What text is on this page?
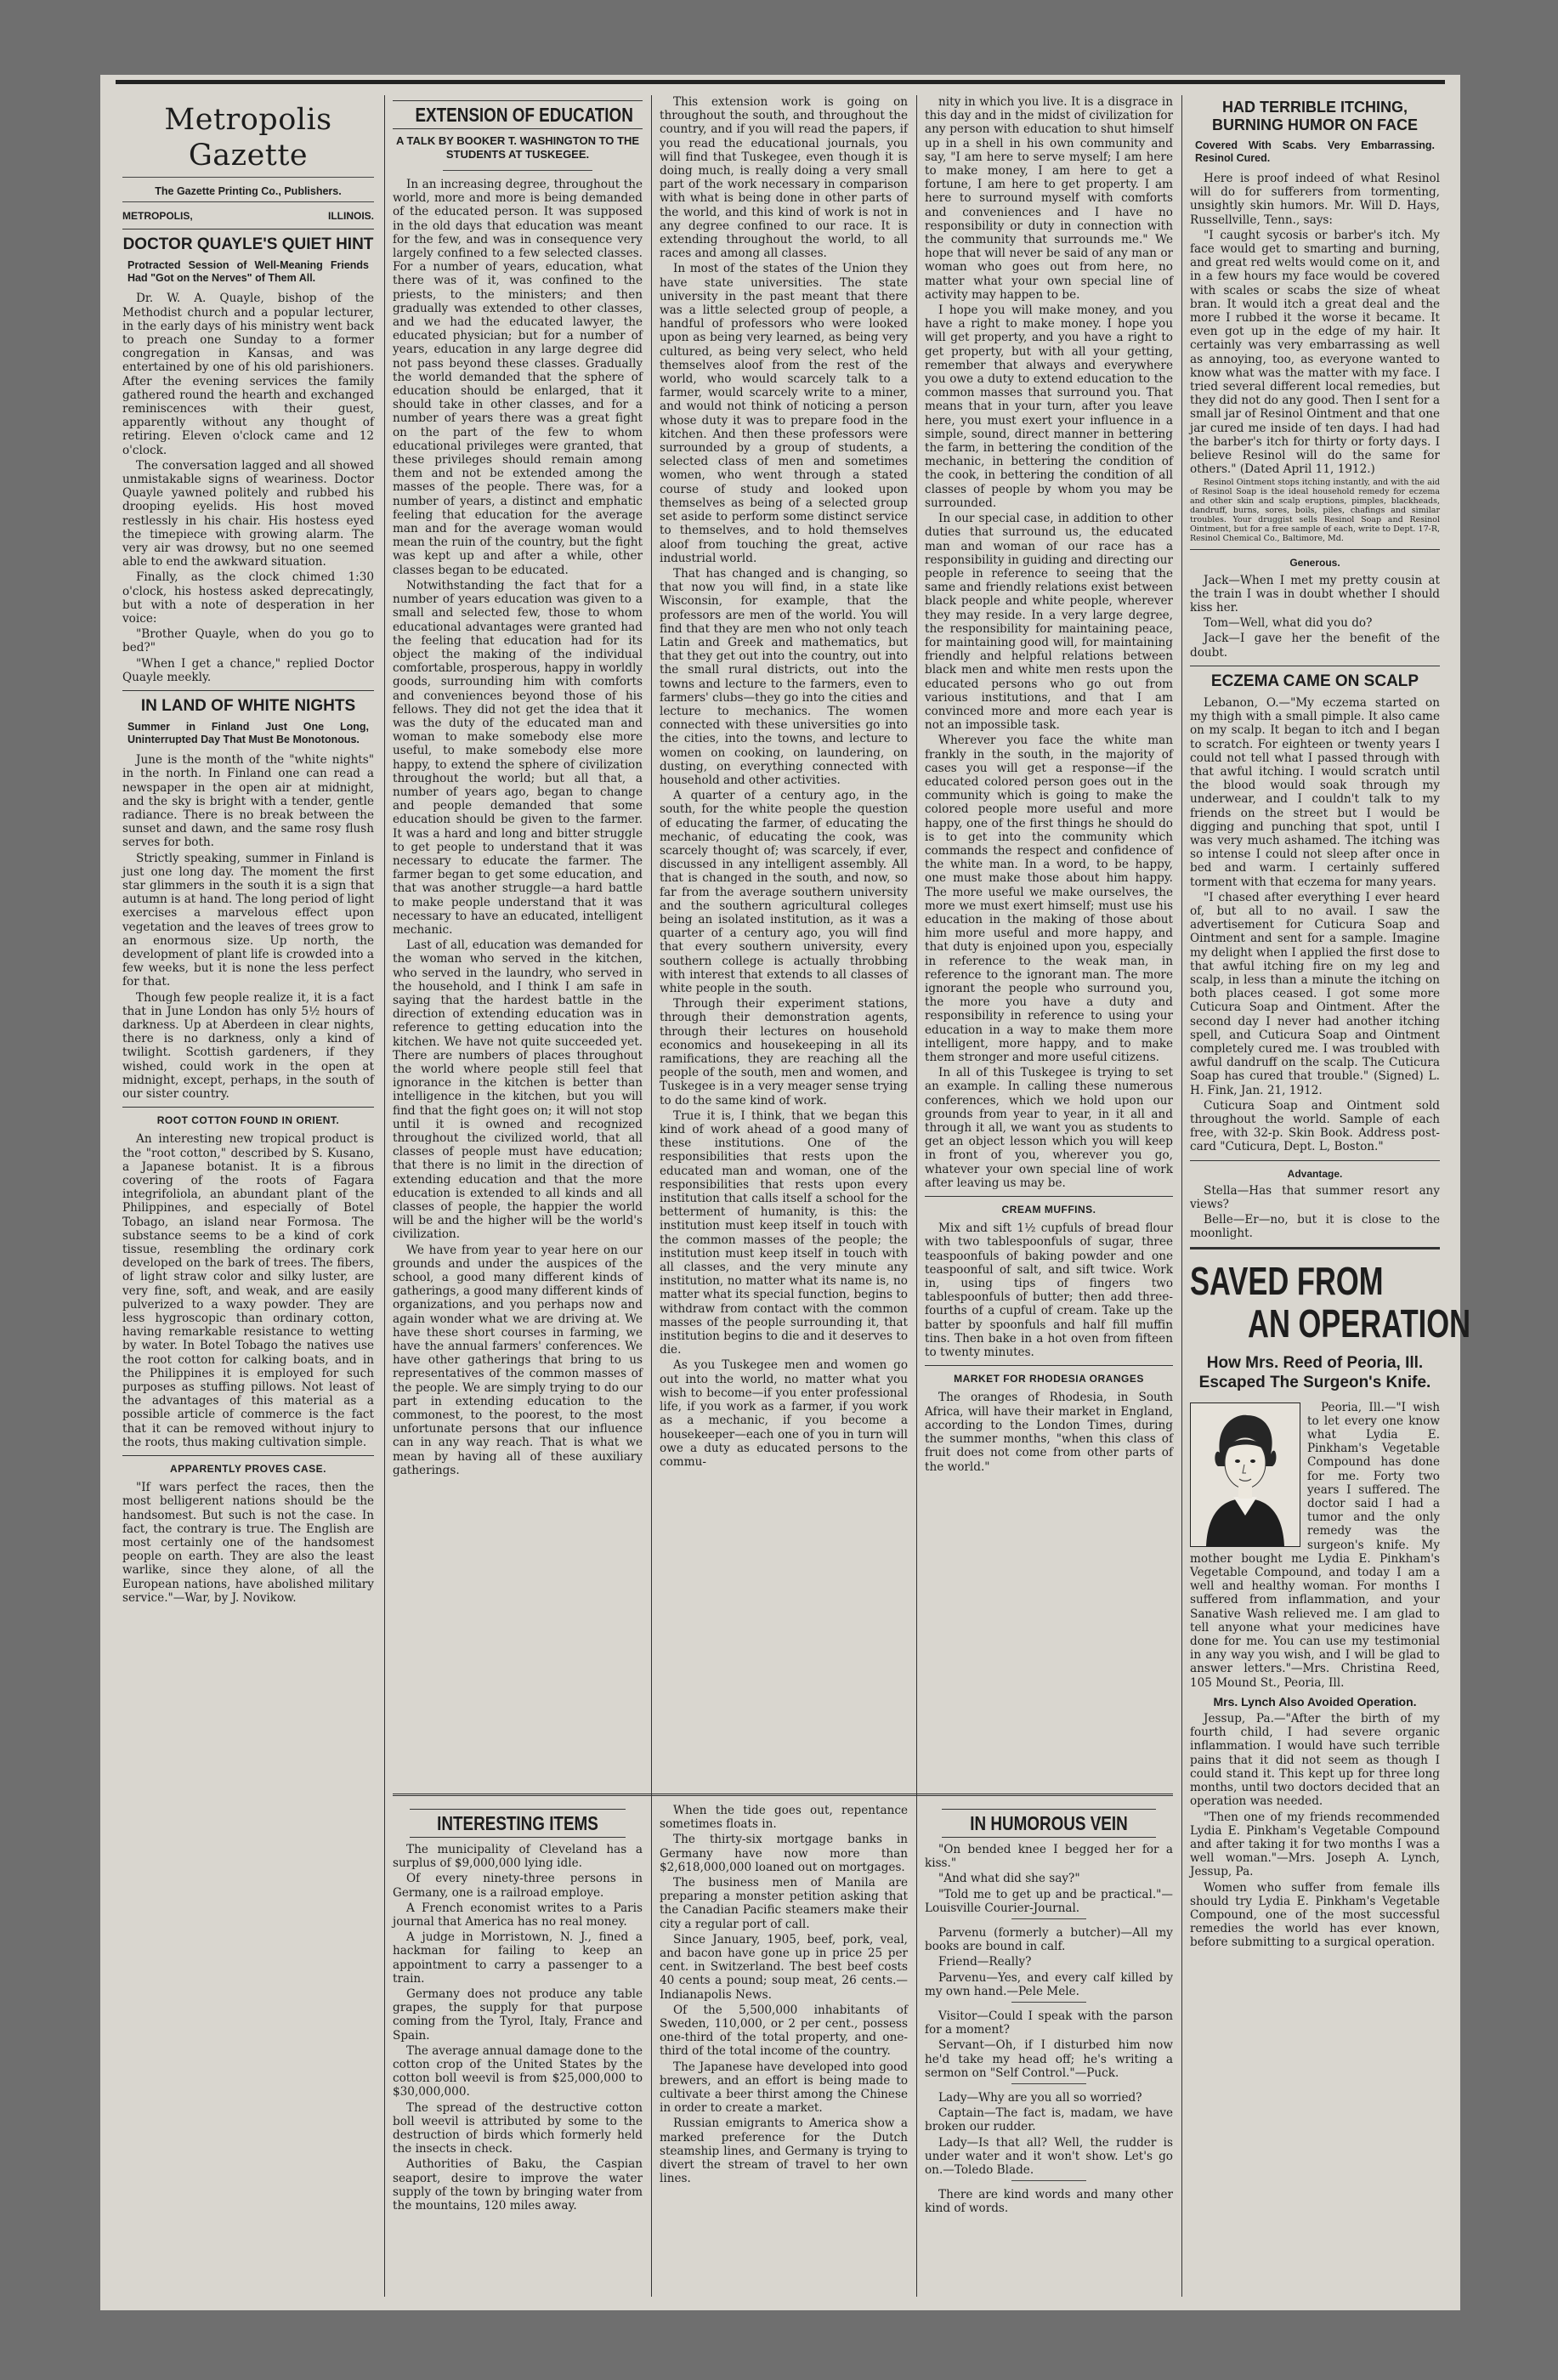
Metropolis Gazette
The Gazette Printing Co., Publishers.
METROPOLIS,	ILLINOIS.
DOCTOR QUAYLE'S QUIET HINT
Protracted Session of Well-Meaning Friends Had "Got on the Nerves" of Them All.

Dr. W. A. Quayle, bishop of the Methodist church and a popular lecturer, in the early days of his ministry went back to preach one Sunday to a former congregation in Kansas, and was entertained by one of his old parishioners. After the evening services the family gathered round the hearth and exchanged reminiscences with their guest, apparently without any thought of retiring. Eleven o'clock came and 12 o'clock.

The conversation lagged and all showed unmistakable signs of weariness. Doctor Quayle yawned politely and rubbed his drooping eyelids. His host moved restlessly in his chair. His hostess eyed the timepiece with growing alarm. The very air was drowsy, but no one seemed able to end the awkward situation.

Finally, as the clock chimed 1:30 o'clock, his hostess asked deprecatingly, but with a note of desperation in her voice:

"Brother Quayle, when do you go to bed?"

"When I get a chance," replied Doctor Quayle meekly.

IN LAND OF WHITE NIGHTS
Summer in Finland Just One Long, Uninterrupted Day That Must Be Monotonous.

June is the month of the "white nights" in the north. In Finland one can read a newspaper in the open air at midnight, and the sky is bright with a tender, gentle radiance. There is no break between the sunset and dawn, and the same rosy flush serves for both.

Strictly speaking, summer in Finland is just one long day. The moment the first star glimmers in the south it is a sign that autumn is at hand. The long period of light exercises a marvelous effect upon vegetation and the leaves of trees grow to an enormous size. Up north, the development of plant life is crowded into a few weeks, but it is none the less perfect for that.

Though few people realize it, it is a fact that in June London has only 5½ hours of darkness. Up at Aberdeen in clear nights, there is no darkness, only a kind of twilight. Scottish gardeners, if they wished, could work in the open at midnight, except, perhaps, in the south of our sister country.

ROOT COTTON FOUND IN ORIENT.

An interesting new tropical product is the "root cotton," described by S. Kusano, a Japanese botanist. It is a fibrous covering of the roots of Fagara integrifoliola, an abundant plant of the Philippines, and especially of Botel Tobago, an island near Formosa. The substance seems to be a kind of cork tissue, resembling the ordinary cork developed on the bark of trees. The fibers, of light straw color and silky luster, are very fine, soft, and weak, and are easily pulverized to a waxy powder. They are less hygroscopic than ordinary cotton, having remarkable resistance to wetting by water. In Botel Tobago the natives use the root cotton for calking boats, and in the Philippines it is employed for such purposes as stuffing pillows. Not least of the advantages of this material as a possible article of commerce is the fact that it can be removed without injury to the roots, thus making cultivation simple.

APPARENTLY PROVES CASE.

"If wars perfect the races, then the most belligerent nations should be the handsomest. But such is not the case. In fact, the contrary is true. The English are most certainly one of the handsomest people on earth. They are also the least warlike, since they alone, of all the European nations, have abolished military service."—War, by J. Novikow.

EXTENSION OF EDUCATION
A TALK BY BOOKER T. WASHINGTON TO THE STUDENTS AT TUSKEGEE.

In an increasing degree, throughout the world, more and more is being demanded of the educated person. It was supposed in the old days that education was meant for the few, and was in consequence very largely confined to a few selected classes. For a number of years, education, what there was of it, was confined to the priests, to the ministers; and then gradually was extended to other classes, and we had the educated lawyer, the educated physician; but for a number of years, education in any large degree did not pass beyond these classes. Gradually the world demanded that the sphere of education should be enlarged, that it should take in other classes, and for a number of years there was a great fight on the part of the few to whom educational privileges were granted, that these privileges should remain among them and not be extended among the masses of the people. There was, for a number of years, a distinct and emphatic feeling that education for the average man and for the average woman would mean the ruin of the country, but the fight was kept up and after a while, other classes began to be educated.

Notwithstanding the fact that for a number of years education was given to a small and selected few, those to whom educational advantages were granted had the feeling that education had for its object the making of the individual comfortable, prosperous, happy in worldly goods, surrounding him with comforts and conveniences beyond those of his fellows. They did not get the idea that it was the duty of the educated man and woman to make somebody else more useful, to make somebody else more happy, to extend the sphere of civilization throughout the world; but all that, a number of years ago, began to change and people demanded that some education should be given to the farmer. It was a hard and long and bitter struggle to get people to understand that it was necessary to educate the farmer. The farmer began to get some education, and that was another struggle—a hard battle to make people understand that it was necessary to have an educated, intelligent mechanic.

Last of all, education was demanded for the woman who served in the kitchen, who served in the laundry, who served in the household, and I think I am safe in saying that the hardest battle in the direction of extending education was in reference to getting education into the kitchen. We have not quite succeeded yet. There are numbers of places throughout the world where people still feel that ignorance in the kitchen is better than intelligence in the kitchen, but you will find that the fight goes on; it will not stop until it is owned and recognized throughout the civilized world, that all classes of people must have education; that there is no limit in the direction of extending education and that the more education is extended to all kinds and all classes of people, the happier the world will be and the higher will be the world's civilization.

We have from year to year here on our grounds and under the auspices of the school, a good many different kinds of gatherings, a good many different kinds of organizations, and you perhaps now and again wonder what we are driving at. We have these short courses in farming, we have the annual farmers' conferences. We have other gatherings that bring to us representatives of the common masses of the people. We are simply trying to do our part in extending education to the commonest, to the poorest, to the most unfortunate persons that our influence can in any way reach. That is what we mean by having all of these auxiliary gatherings.

This extension work is going on throughout the south, and throughout the country, and if you will read the papers, if you read the educational journals, you will find that Tuskegee, even though it is doing much, is really doing a very small part of the work necessary in comparison with what is being done in other parts of the world, and this kind of work is not in any degree confined to our race. It is extending throughout the world, to all races and among all classes.

In most of the states of the Union they have state universities. The state university in the past meant that there was a little selected group of people, a handful of professors who were looked upon as being very learned, as being very cultured, as being very select, who held themselves aloof from the rest of the world, who would scarcely talk to a farmer, would scarcely write to a miner, and would not think of noticing a person whose duty it was to prepare food in the kitchen. And then these professors were surrounded by a group of students, a selected class of men and sometimes women, who went through a stated course of study and looked upon themselves as being of a selected group set aside to perform some distinct service to themselves, and to hold themselves aloof from touching the great, active industrial world.

That has changed and is changing, so that now you will find, in a state like Wisconsin, for example, that the professors are men of the world. You will find that they are men who not only teach Latin and Greek and mathematics, but that they get out into the country, out into the small rural districts, out into the towns and lecture to the farmers, even to farmers' clubs—they go into the cities and lecture to mechanics. The women connected with these universities go into the cities, into the towns, and lecture to women on cooking, on laundering, on dusting, on everything connected with household and other activities.

A quarter of a century ago, in the south, for the white people the question of educating the farmer, of educating the mechanic, of educating the cook, was scarcely thought of; was scarcely, if ever, discussed in any intelligent assembly. All that is changed in the south, and now, so far from the average southern university and the southern agricultural colleges being an isolated institution, as it was a quarter of a century ago, you will find that every southern university, every southern college is actually throbbing with interest that extends to all classes of white people in the south.

Through their experiment stations, through their demonstration agents, through their lectures on household economics and housekeeping in all its ramifications, they are reaching all the people of the south, men and women, and Tuskegee is in a very meager sense trying to do the same kind of work.

True it is, I think, that we began this kind of work ahead of a good many of these institutions. One of the responsibilities that rests upon the educated man and woman, one of the responsibilities that rests upon every institution that calls itself a school for the betterment of humanity, is this: the institution must keep itself in touch with the common masses of the people; the institution must keep itself in touch with all classes, and the very minute any institution, no matter what its name is, no matter what its special function, begins to withdraw from contact with the common masses of the people surrounding it, that institution begins to die and it deserves to die.

As you Tuskegee men and women go out into the world, no matter what you wish to become—if you enter professional life, if you work as a farmer, if you work as a mechanic, if you become a housekeeper—each one of you in turn will owe a duty as educated persons to the commu-

nity in which you live. It is a disgrace in this day and in the midst of civilization for any person with education to shut himself up in a shell in his own community and say, "I am here to serve myself; I am here to make money, I am here to get a fortune, I am here to get property. I am here to surround myself with comforts and conveniences and I have no responsibility or duty in connection with the community that surrounds me." We hope that will never be said of any man or woman who goes out from here, no matter what your own special line of activity may happen to be.

I hope you will make money, and you have a right to make money. I hope you will get property, and you have a right to get property, but with all your getting, remember that always and everywhere you owe a duty to extend education to the common masses that surround you. That means that in your turn, after you leave here, you must exert your influence in a simple, sound, direct manner in bettering the farm, in bettering the condition of the mechanic, in bettering the condition of the cook, in bettering the condition of all classes of people by whom you may be surrounded.

In our special case, in addition to other duties that surround us, the educated man and woman of our race has a responsibility in guiding and directing our people in reference to seeing that the same and friendly relations exist between black people and white people, wherever they may reside. In a very large degree, the responsibility for maintaining peace, for maintaining good will, for maintaining friendly and helpful relations between black men and white men rests upon the educated persons who go out from various institutions, and that I am convinced more and more each year is not an impossible task.

Wherever you face the white man frankly in the south, in the majority of cases you will get a response—if the educated colored person goes out in the community which is going to make the colored people more useful and more happy, one of the first things he should do is to get into the community which commands the respect and confidence of the white man. In a word, to be happy, one must make those about him happy. The more useful we make ourselves, the more we must exert himself; must use his education in the making of those about him more useful and more happy, and that duty is enjoined upon you, especially in reference to the weak man, in reference to the ignorant man. The more ignorant the people who surround you, the more you have a duty and responsibility in reference to using your education in a way to make them more intelligent, more happy, and to make them stronger and more useful citizens.

In all of this Tuskegee is trying to set an example. In calling these numerous conferences, which we hold upon our grounds from year to year, in it all and through it all, we want you as students to get an object lesson which you will keep in front of you, wherever you go, whatever your own special line of work after leaving us may be.

CREAM MUFFINS.

Mix and sift 1½ cupfuls of bread flour with two tablespoonfuls of sugar, three teaspoonfuls of baking powder and one teaspoonful of salt, and sift twice. Work in, using tips of fingers two tablespoonfuls of butter; then add three-fourths of a cupful of cream. Take up the batter by spoonfuls and half fill muffin tins. Then bake in a hot oven from fifteen to twenty minutes.

MARKET FOR RHODESIA ORANGES

The oranges of Rhodesia, in South Africa, will have their market in England, according to the London Times, during the summer months, "when this class of fruit does not come from other parts of the world."

INTERESTING ITEMS

The municipality of Cleveland has a surplus of $9,000,000 lying idle.

Of every ninety-three persons in Germany, one is a railroad employe.

A French economist writes to a Paris journal that America has no real money.

A judge in Morristown, N. J., fined a hackman for failing to keep an appointment to carry a passenger to a train.

Germany does not produce any table grapes, the supply for that purpose coming from the Tyrol, Italy, France and Spain.

The average annual damage done to the cotton crop of the United States by the cotton boll weevil is from $25,000,000 to $30,000,000.

The spread of the destructive cotton boll weevil is attributed by some to the destruction of birds which formerly held the insects in check.

Authorities of Baku, the Caspian seaport, desire to improve the water supply of the town by bringing water from the mountains, 120 miles away.

When the tide goes out, repentance sometimes floats in.

The thirty-six mortgage banks in Germany have now more than $2,618,000,000 loaned out on mortgages.

The business men of Manila are preparing a monster petition asking that the Canadian Pacific steamers make their city a regular port of call.

Since January, 1905, beef, pork, veal, and bacon have gone up in price 25 per cent. in Switzerland. The best beef costs 40 cents a pound; soup meat, 26 cents.—Indianapolis News.

Of the 5,500,000 inhabitants of Sweden, 110,000, or 2 per cent., possess one-third of the total property, and one-third of the total income of the country.

The Japanese have developed into good brewers, and an effort is being made to cultivate a beer thirst among the Chinese in order to create a market.

Russian emigrants to America show a marked preference for the Dutch steamship lines, and Germany is trying to divert the stream of travel to her own lines.

IN HUMOROUS VEIN

"On bended knee I begged her for a kiss."

"And what did she say?"

"Told me to get up and be practical."—Louisville Courier-Journal.

Parvenu (formerly a butcher)—All my books are bound in calf.

Friend—Really?

Parvenu—Yes, and every calf killed by my own hand.—Pele Mele.

Visitor—Could I speak with the parson for a moment?

Servant—Oh, if I disturbed him now he'd take my head off; he's writing a sermon on "Self Control."—Puck.

Lady—Why are you all so worried?

Captain—The fact is, madam, we have broken our rudder.

Lady—Is that all? Well, the rudder is under water and it won't show. Let's go on.—Toledo Blade.

There are kind words and many other kind of words.

HAD TERRIBLE ITCHING, BURNING HUMOR ON FACE
Covered With Scabs. Very Embarrassing. Resinol Cured.

Here is proof indeed of what Resinol will do for sufferers from tormenting, unsightly skin humors. Mr. Will D. Hays, Russellville, Tenn., says:

"I caught sycosis or barber's itch. My face would get to smarting and burning, and great red welts would come on it, and in a few hours my face would be covered with scales or scabs the size of wheat bran. It would itch a great deal and the more I rubbed it the worse it became. It even got up in the edge of my hair. It certainly was very embarrassing as well as annoying, too, as everyone wanted to know what was the matter with my face. I tried several different local remedies, but they did not do any good. Then I sent for a small jar of Resinol Ointment and that one jar cured me inside of ten days. I had had the barber's itch for thirty or forty days. I believe Resinol will do the same for others." (Dated April 11, 1912.)

Resinol Ointment stops itching instantly, and with the aid of Resinol Soap is the ideal household remedy for eczema and other skin and scalp eruptions, pimples, blackheads, dandruff, burns, sores, boils, piles, chafings and similar troubles. Your druggist sells Resinol Soap and Resinol Ointment, but for a free sample of each, write to Dept. 17-R, Resinol Chemical Co., Baltimore, Md.

Generous.

Jack—When I met my pretty cousin at the train I was in doubt whether I should kiss her.

Tom—Well, what did you do?

Jack—I gave her the benefit of the doubt.

ECZEMA CAME ON SCALP

Lebanon, O.—"My eczema started on my thigh with a small pimple. It also came on my scalp. It began to itch and I began to scratch. For eighteen or twenty years I could not tell what I passed through with that awful itching. I would scratch until the blood would soak through my underwear, and I couldn't talk to my friends on the street but I would be digging and punching that spot, until I was very much ashamed. The itching was so intense I could not sleep after once in bed and warm. I certainly suffered torment with that eczema for many years.

"I chased after everything I ever heard of, but all to no avail. I saw the advertisement for Cuticura Soap and Ointment and sent for a sample. Imagine my delight when I applied the first dose to that awful itching fire on my leg and scalp, in less than a minute the itching on both places ceased. I got some more Cuticura Soap and Ointment. After the second day I never had another itching spell, and Cuticura Soap and Ointment completely cured me. I was troubled with awful dandruff on the scalp. The Cuticura Soap has cured that trouble." (Signed) L. H. Fink, Jan. 21, 1912.

Cuticura Soap and Ointment sold throughout the world. Sample of each free, with 32-p. Skin Book. Address post-card "Cuticura, Dept. L, Boston."

Advantage.

Stella—Has that summer resort any views?

Belle—Er—no, but it is close to the moonlight.

SAVED FROM
AN OPERATION
How Mrs. Reed of Peoria, Ill. Escaped The Surgeon's Knife.

Peoria, Ill.—"I wish to let every one know what Lydia E. Pinkham's Vegetable Compound has done for me. Forty two years I suffered. The doctor said I had a tumor and the only remedy was the surgeon's knife. My mother bought me Lydia E. Pinkham's Vegetable Compound, and today I am a well and healthy woman. For months I suffered from inflammation, and your Sanative Wash relieved me. I am glad to tell anyone what your medicines have done for me. You can use my testimonial in any way you wish, and I will be glad to answer letters."—Mrs. Christina Reed, 105 Mound St., Peoria, Ill.

Mrs. Lynch Also Avoided Operation.

Jessup, Pa.—"After the birth of my fourth child, I had severe organic inflammation. I would have such terrible pains that it did not seem as though I could stand it. This kept up for three long months, until two doctors decided that an operation was needed.

"Then one of my friends recommended Lydia E. Pinkham's Vegetable Compound and after taking it for two months I was a well woman."—Mrs. Joseph A. Lynch, Jessup, Pa.

Women who suffer from female ills should try Lydia E. Pinkham's Vegetable Compound, one of the most successful remedies the world has ever known, before submitting to a surgical operation.
